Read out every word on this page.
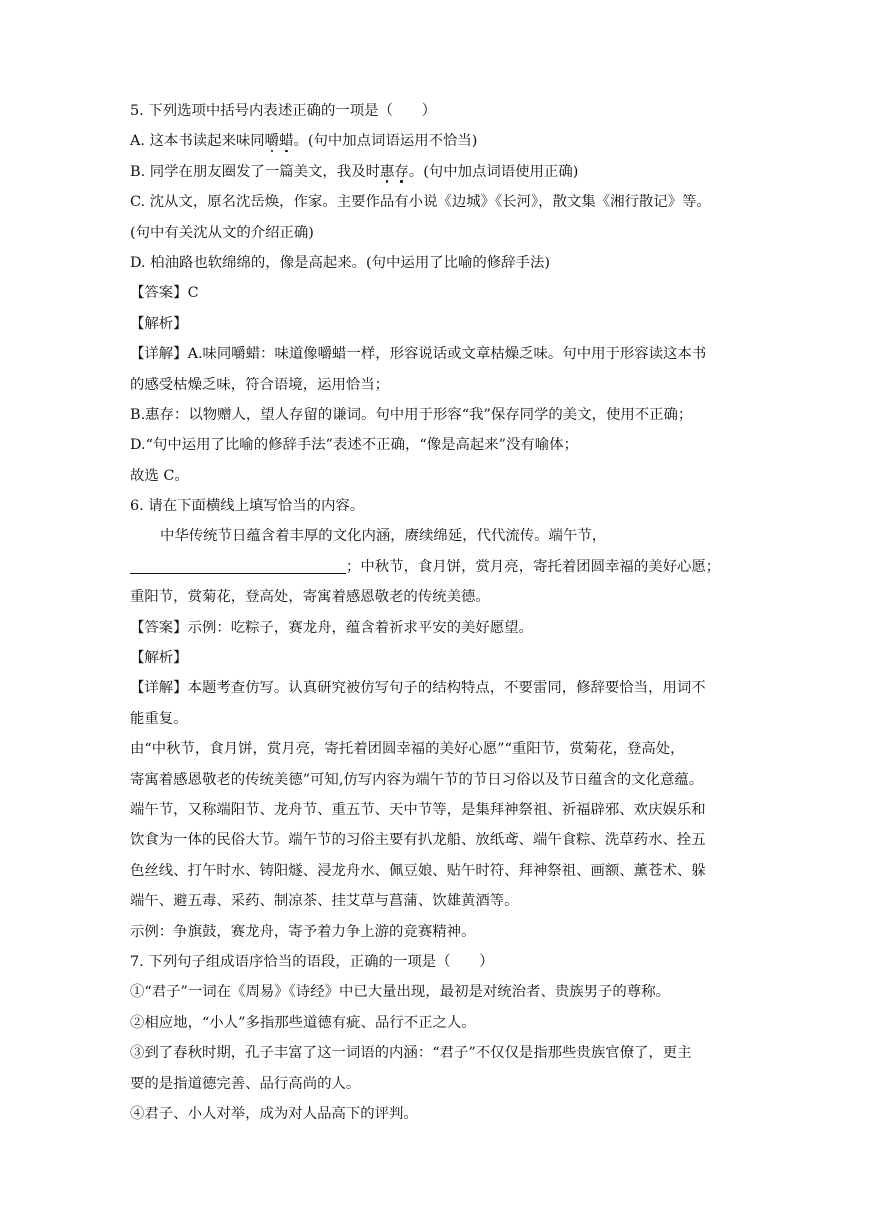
5. 下列选项中括号内表述正确的一项是（　　）
A. 这本书读起来味同嚼蜡。(句中加点词语运用不恰当)
B. 同学在朋友圈发了一篇美文，我及时惠存。(句中加点词语使用正确)
C. 沈从文，原名沈岳焕，作家。主要作品有小说《边城》《长河》，散文集《湘行散记》等。
(句中有关沈从文的介绍正确)
D. 柏油路也软绵绵的，像是高起来。(句中运用了比喻的修辞手法)
【答案】C
【解析】
【详解】A.味同嚼蜡：味道像嚼蜡一样，形容说话或文章枯燥乏味。句中用于形容读这本书
的感受枯燥乏味，符合语境，运用恰当；
B.惠存：以物赠人，望人存留的谦词。句中用于形容“我”保存同学的美文，使用不正确；
D.“句中运用了比喻的修辞手法”表述不正确，“像是高起来”没有喻体；
故选 C。
6. 请在下面横线上填写恰当的内容。
中华传统节日蕴含着丰厚的文化内涵，赓续绵延，代代流传。端午节，
；中秋节，食月饼，赏月亮，寄托着团圆幸福的美好心愿；
重阳节，赏菊花，登高处，寄寓着感恩敬老的传统美德。
【答案】示例：吃粽子，赛龙舟，蕴含着祈求平安的美好愿望。
【解析】
【详解】本题考查仿写。认真研究被仿写句子的结构特点，不要雷同，修辞要恰当，用词不
能重复。
由“中秋节，食月饼，赏月亮，寄托着团圆幸福的美好心愿”“重阳节，赏菊花，登高处，
寄寓着感恩敬老的传统美德”可知,仿写内容为端午节的节日习俗以及节日蕴含的文化意蕴。
端午节，又称端阳节、龙舟节、重五节、天中节等，是集拜神祭祖、祈福辟邪、欢庆娱乐和
饮食为一体的民俗大节。端午节的习俗主要有扒龙船、放纸鸢、端午食粽、洗草药水、拴五
色丝线、打午时水、铸阳燧、浸龙舟水、佩豆娘、贴午时符、拜神祭祖、画额、薰苍术、躲
端午、避五毒、采药、制凉茶、挂艾草与菖蒲、饮雄黄酒等。
示例：争旗鼓，赛龙舟，寄予着力争上游的竞赛精神。
7. 下列句子组成语序恰当的语段，正确的一项是（　　）
①“君子”一词在《周易》《诗经》中已大量出现，最初是对统治者、贵族男子的尊称。
②相应地，“小人”多指那些道德有疵、品行不正之人。
③到了春秋时期，孔子丰富了这一词语的内涵：“君子”不仅仅是指那些贵族官僚了，更主
要的是指道德完善、品行高尚的人。
④君子、小人对举，成为对人品高下的评判。
